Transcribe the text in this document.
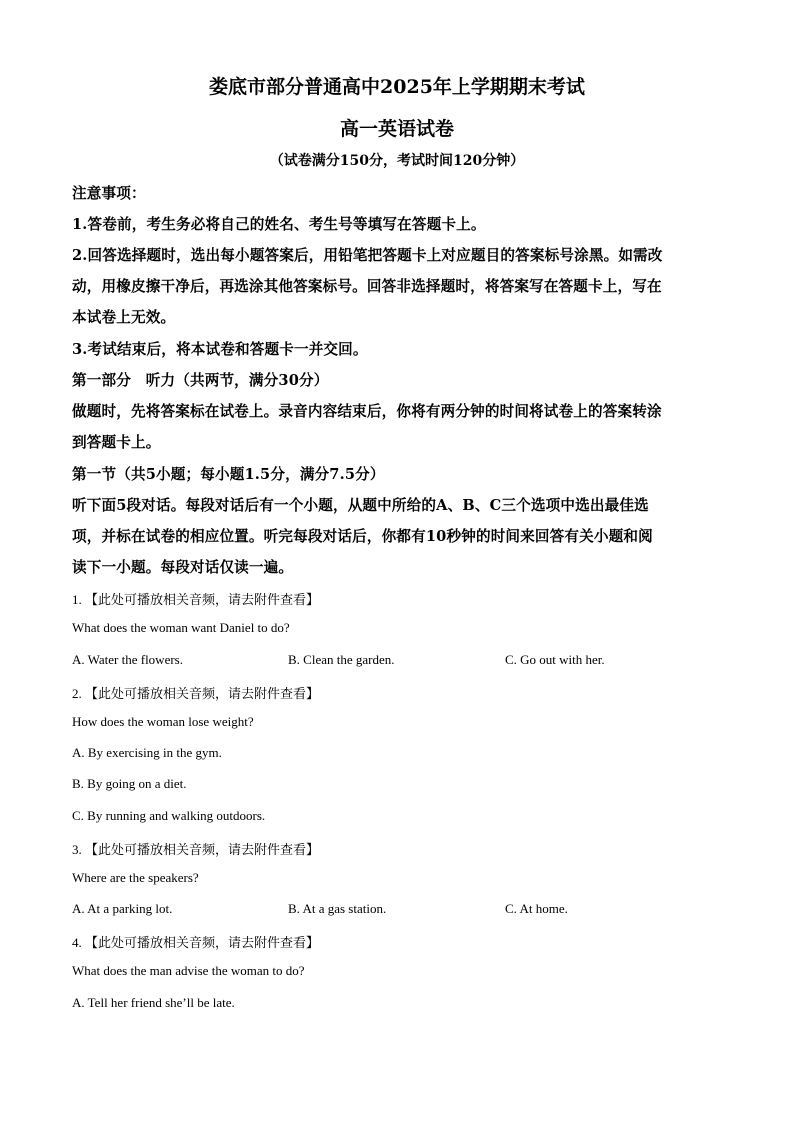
娄底市部分普通高中2025年上学期期末考试
高一英语试卷
（试卷满分150分，考试时间120分钟）
注意事项：
1.答卷前，考生务必将自己的姓名、考生号等填写在答题卡上。
2.回答选择题时，选出每小题答案后，用铅笔把答题卡上对应题目的答案标号涂黑。如需改
动，用橡皮擦干净后，再选涂其他答案标号。回答非选择题时，将答案写在答题卡上，写在
本试卷上无效。
3.考试结束后，将本试卷和答题卡一并交回。
第一部分　听力（共两节，满分30分）
做题时，先将答案标在试卷上。录音内容结束后，你将有两分钟的时间将试卷上的答案转涂
到答题卡上。
第一节（共5小题；每小题1.5分，满分7.5分）
听下面5段对话。每段对话后有一个小题，从题中所给的A、B、C三个选项中选出最佳选
项，并标在试卷的相应位置。听完每段对话后，你都有10秒钟的时间来回答有关小题和阅
读下一小题。每段对话仅读一遍。
1. 【此处可播放相关音频，请去附件查看】
What does the woman want Daniel to do?
A. Water the flowers.	B. Clean the garden.	C. Go out with her.
2. 【此处可播放相关音频，请去附件查看】
How does the woman lose weight?
A. By exercising in the gym.
B. By going on a diet.
C. By running and walking outdoors.
3. 【此处可播放相关音频，请去附件查看】
Where are the speakers?
A. At a parking lot.	B. At a gas station.	C. At home.
4. 【此处可播放相关音频，请去附件查看】
What does the man advise the woman to do?
A. Tell her friend she’ll be late.
